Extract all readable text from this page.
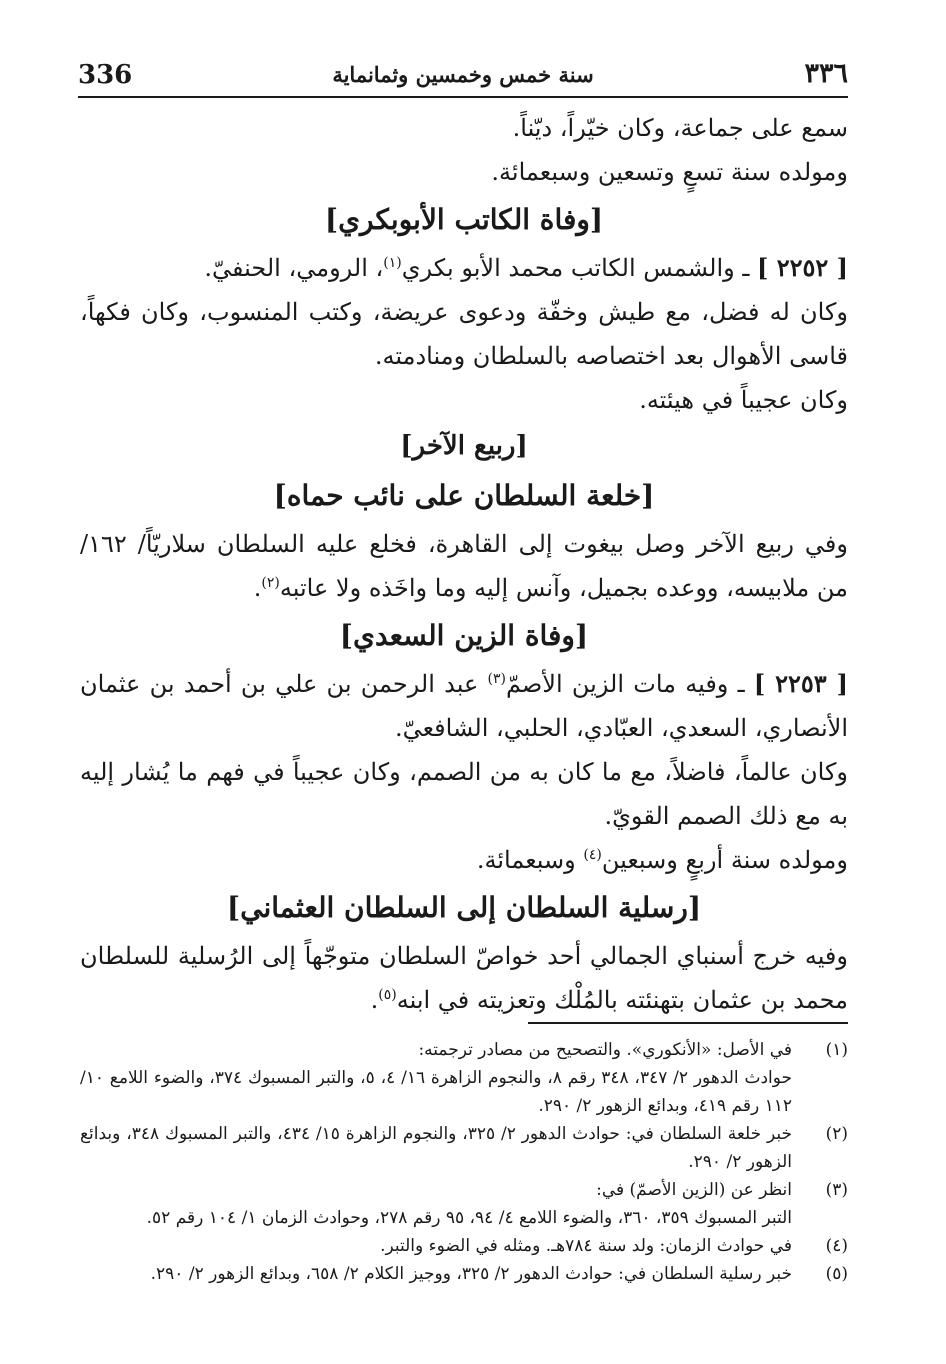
336	سنة خمس وخمسين وثمانماية	٣٣٦

سمع على جماعة، وكان خيّراً، ديّناً.

ومولده سنة تسعٍ وتسعين وسبعمائة.

[وفاة الكاتب الأبوبكري]

[ ٢٢٥٢ ] ـ والشمس الكاتب محمد الأبو بكري$^{(١)}$، الرومي، الحنفيّ.

وكان له فضل، مع طيش وخفّة ودعوى عريضة، وكتب المنسوب، وكان فكهاً، قاسى الأهوال بعد اختصاصه بالسلطان ومنادمته.

وكان عجيباً في هيئته.

[ربيع الآخر]

[خلعة السلطان على نائب حماه]

وفي ربيع الآخر وصل بيغوت إلى القاهرة، فخلع عليه السلطان سلاريّاً/ ١٦٢/ من ملابيسه، ووعده بجميل، وآنس إليه وما واخَذه ولا عاتبه$^{(٢)}$.

[وفاة الزين السعدي]

[ ٢٢٥٣ ] ـ وفيه مات الزين الأصمّ$^{(٣)}$ عبد الرحمن بن علي بن أحمد بن عثمان الأنصاري، السعدي، العبّادي، الحلبي، الشافعيّ.

وكان عالماً، فاضلاً، مع ما كان به من الصمم، وكان عجيباً في فهم ما يُشار إليه به مع ذلك الصمم القويّ.

ومولده سنة أربعٍ وسبعين$^{(٤)}$ وسبعمائة.

[رسلية السلطان إلى السلطان العثماني]

وفيه خرج أسنباي الجمالي أحد خواصّ السلطان متوجّهاً إلى الرُسلية للسلطان محمد بن عثمان بتهنئته بالمُلْك وتعزيته في ابنه$^{(٥)}$.

(١)
في الأصل: «الأنكوري». والتصحيح من مصادر ترجمته:
حوادث الدهور ٢/ ٣٤٧، ٣٤٨ رقم ٨، والنجوم الزاهرة ١٦/ ٤، ٥، والتبر المسبوك ٣٧٤، والضوء اللامع ١٠/ ١١٢ رقم ٤١٩، وبدائع الزهور ٢/ ٢٩٠.

(٢)
خبر خلعة السلطان في: حوادث الدهور ٢/ ٣٢٥، والنجوم الزاهرة ١٥/ ٤٣٤، والتبر المسبوك ٣٤٨، وبدائع الزهور ٢/ ٢٩٠.

(٣)
انظر عن (الزين الأصمّ) في:
التبر المسبوك ٣٥٩، ٣٦٠، والضوء اللامع ٤/ ٩٤، ٩٥ رقم ٢٧٨، وحوادث الزمان ١/ ١٠٤ رقم ٥٢.

(٤)
في حوادث الزمان: ولد سنة ٧٨٤هـ. ومثله في الضوء والتبر.

(٥)
خبر رسلية السلطان في: حوادث الدهور ٢/ ٣٢٥، ووجيز الكلام ٢/ ٦٥٨، وبدائع الزهور ٢/ ٢٩٠.
